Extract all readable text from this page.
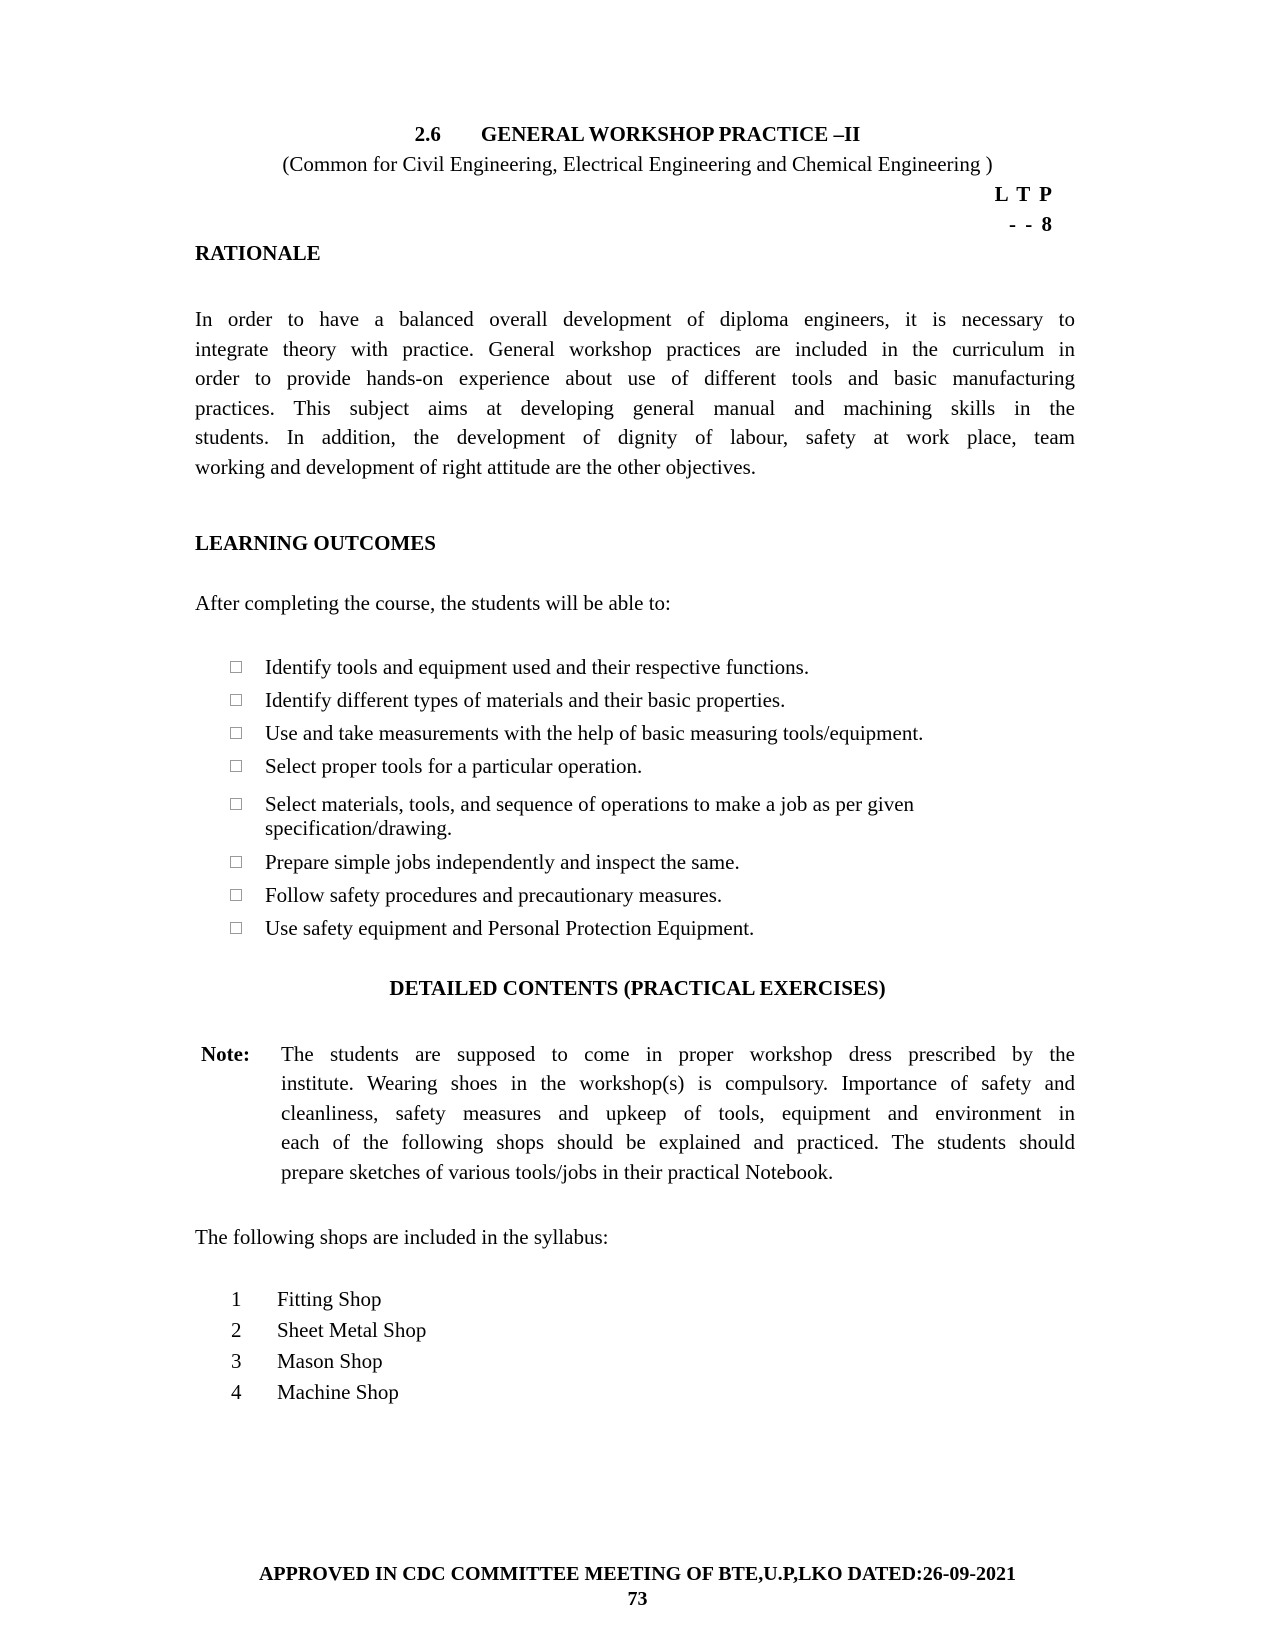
2.6 GENERAL WORKSHOP PRACTICE –II
(Common for Civil Engineering, Electrical Engineering and Chemical Engineering )
L T P
- - 8
RATIONALE
In order to have a balanced overall development of diploma engineers, it is necessary to
integrate theory with practice. General workshop practices are included in the curriculum in
order to provide hands-on experience about use of different tools and basic manufacturing
practices. This subject aims at developing general manual and machining skills in the
students. In addition, the development of dignity of labour, safety at work place, team
working and development of right attitude are the other objectives.
LEARNING OUTCOMES
After completing the course, the students will be able to:
Identify tools and equipment used and their respective functions.
Identify different types of materials and their basic properties.
Use and take measurements with the help of basic measuring tools/equipment.
Select proper tools for a particular operation.
Select materials, tools, and sequence of operations to make a job as per given specification/drawing.
Prepare simple jobs independently and inspect the same.
Follow safety procedures and precautionary measures.
Use safety equipment and Personal Protection Equipment.
DETAILED CONTENTS (PRACTICAL EXERCISES)
Note: The students are supposed to come in proper workshop dress prescribed by the
institute. Wearing shoes in the workshop(s) is compulsory. Importance of safety and
cleanliness, safety measures and upkeep of tools, equipment and environment in
each of the following shops should be explained and practiced. The students should
prepare sketches of various tools/jobs in their practical Notebook.
The following shops are included in the syllabus:
1 Fitting Shop
2 Sheet Metal Shop
3 Mason Shop
4 Machine Shop
APPROVED IN CDC COMMITTEE MEETING OF BTE,U.P,LKO DATED:26-09-2021
73
